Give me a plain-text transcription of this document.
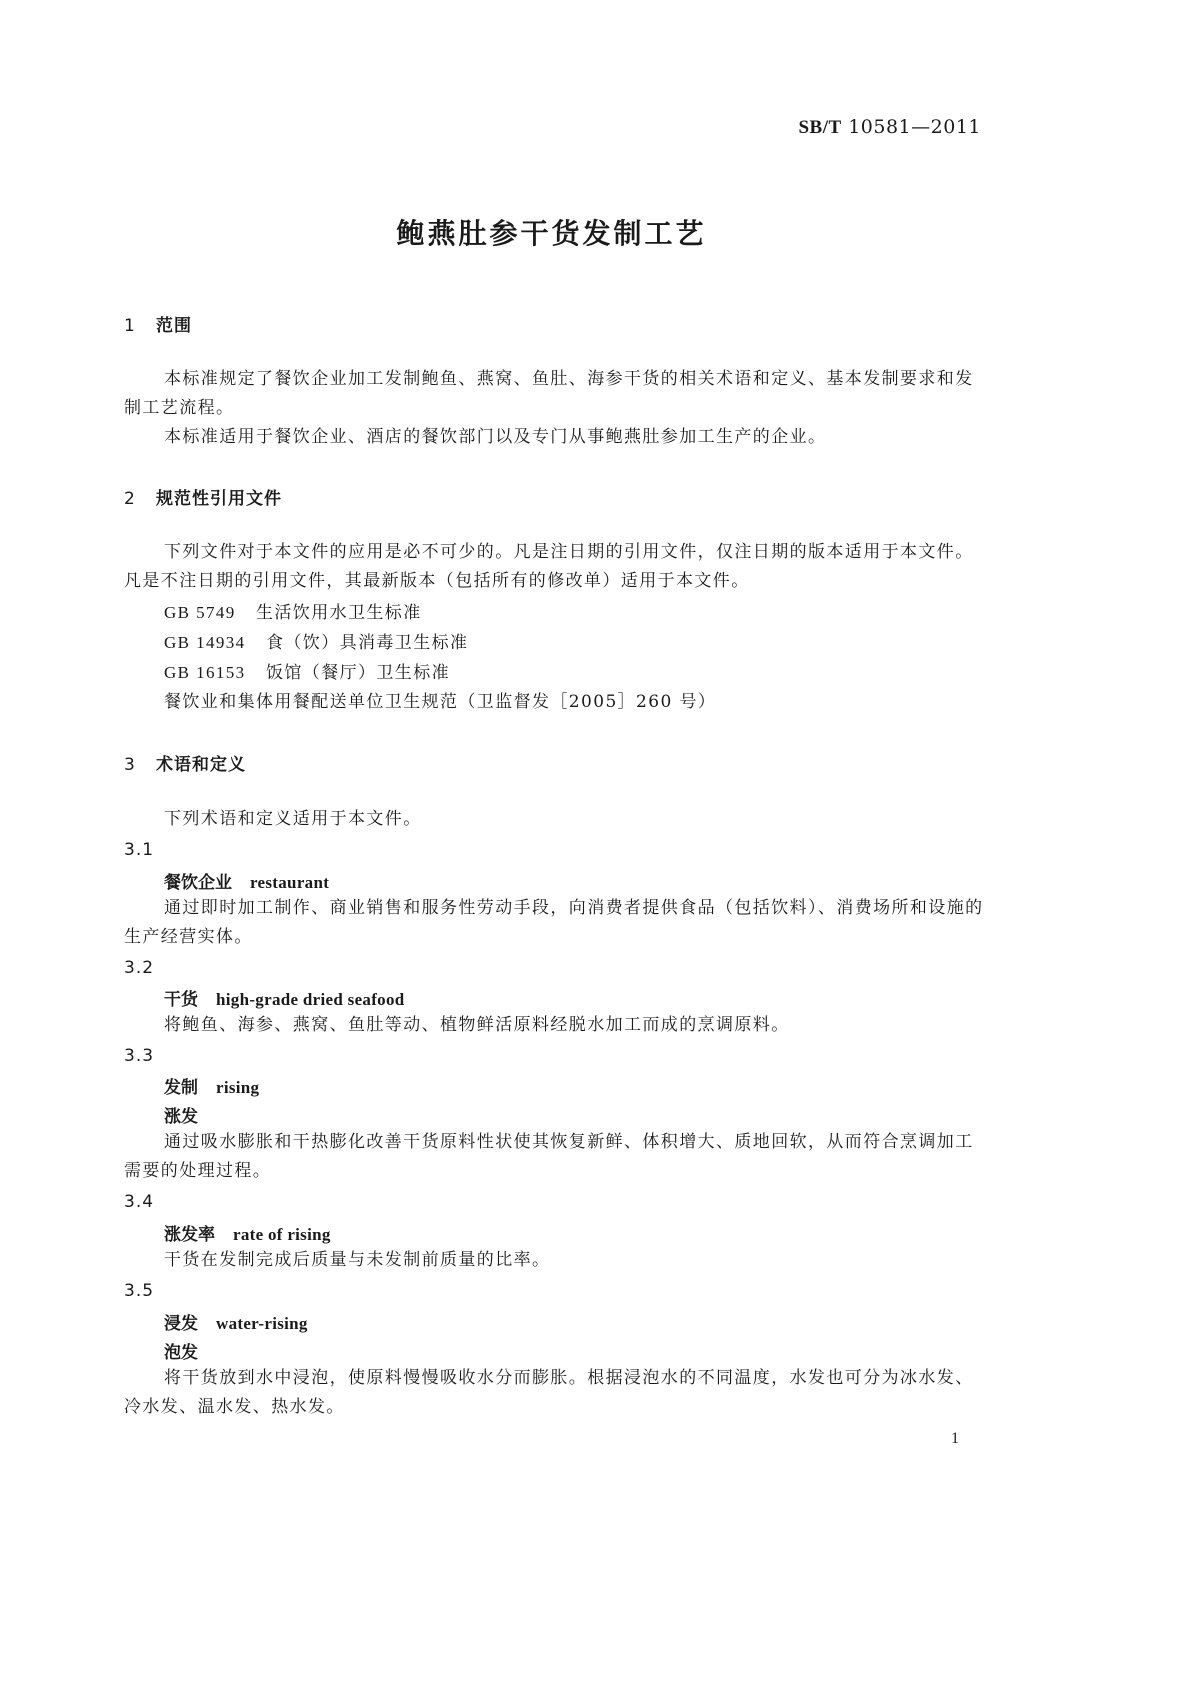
SB/T 10581—2011
鲍燕肚参干货发制工艺
1 范围
本标准规定了餐饮企业加工发制鲍鱼、燕窝、鱼肚、海参干货的相关术语和定义、基本发制要求和发制工艺流程。
本标准适用于餐饮企业、酒店的餐饮部门以及专门从事鲍燕肚参加工生产的企业。
2 规范性引用文件
下列文件对于本文件的应用是必不可少的。凡是注日期的引用文件，仅注日期的版本适用于本文件。凡是不注日期的引用文件，其最新版本（包括所有的修改单）适用于本文件。
GB 5749 生活饮用水卫生标准
GB 14934 食（饮）具消毒卫生标准
GB 16153 饭馆（餐厅）卫生标准
餐饮业和集体用餐配送单位卫生规范（卫监督发［2005］260 号）
3 术语和定义
下列术语和定义适用于本文件。
3.1
餐饮企业 restaurant
通过即时加工制作、商业销售和服务性劳动手段，向消费者提供食品（包括饮料）、消费场所和设施的生产经营实体。
3.2
干货 high-grade dried seafood
将鲍鱼、海参、燕窝、鱼肚等动、植物鲜活原料经脱水加工而成的烹调原料。
3.3
发制 rising
涨发
通过吸水膨胀和干热膨化改善干货原料性状使其恢复新鲜、体积增大、质地回软，从而符合烹调加工需要的处理过程。
3.4
涨发率 rate of rising
干货在发制完成后质量与未发制前质量的比率。
3.5
浸发 water-rising
泡发
将干货放到水中浸泡，使原料慢慢吸收水分而膨胀。根据浸泡水的不同温度，水发也可分为冰水发、冷水发、温水发、热水发。
1
